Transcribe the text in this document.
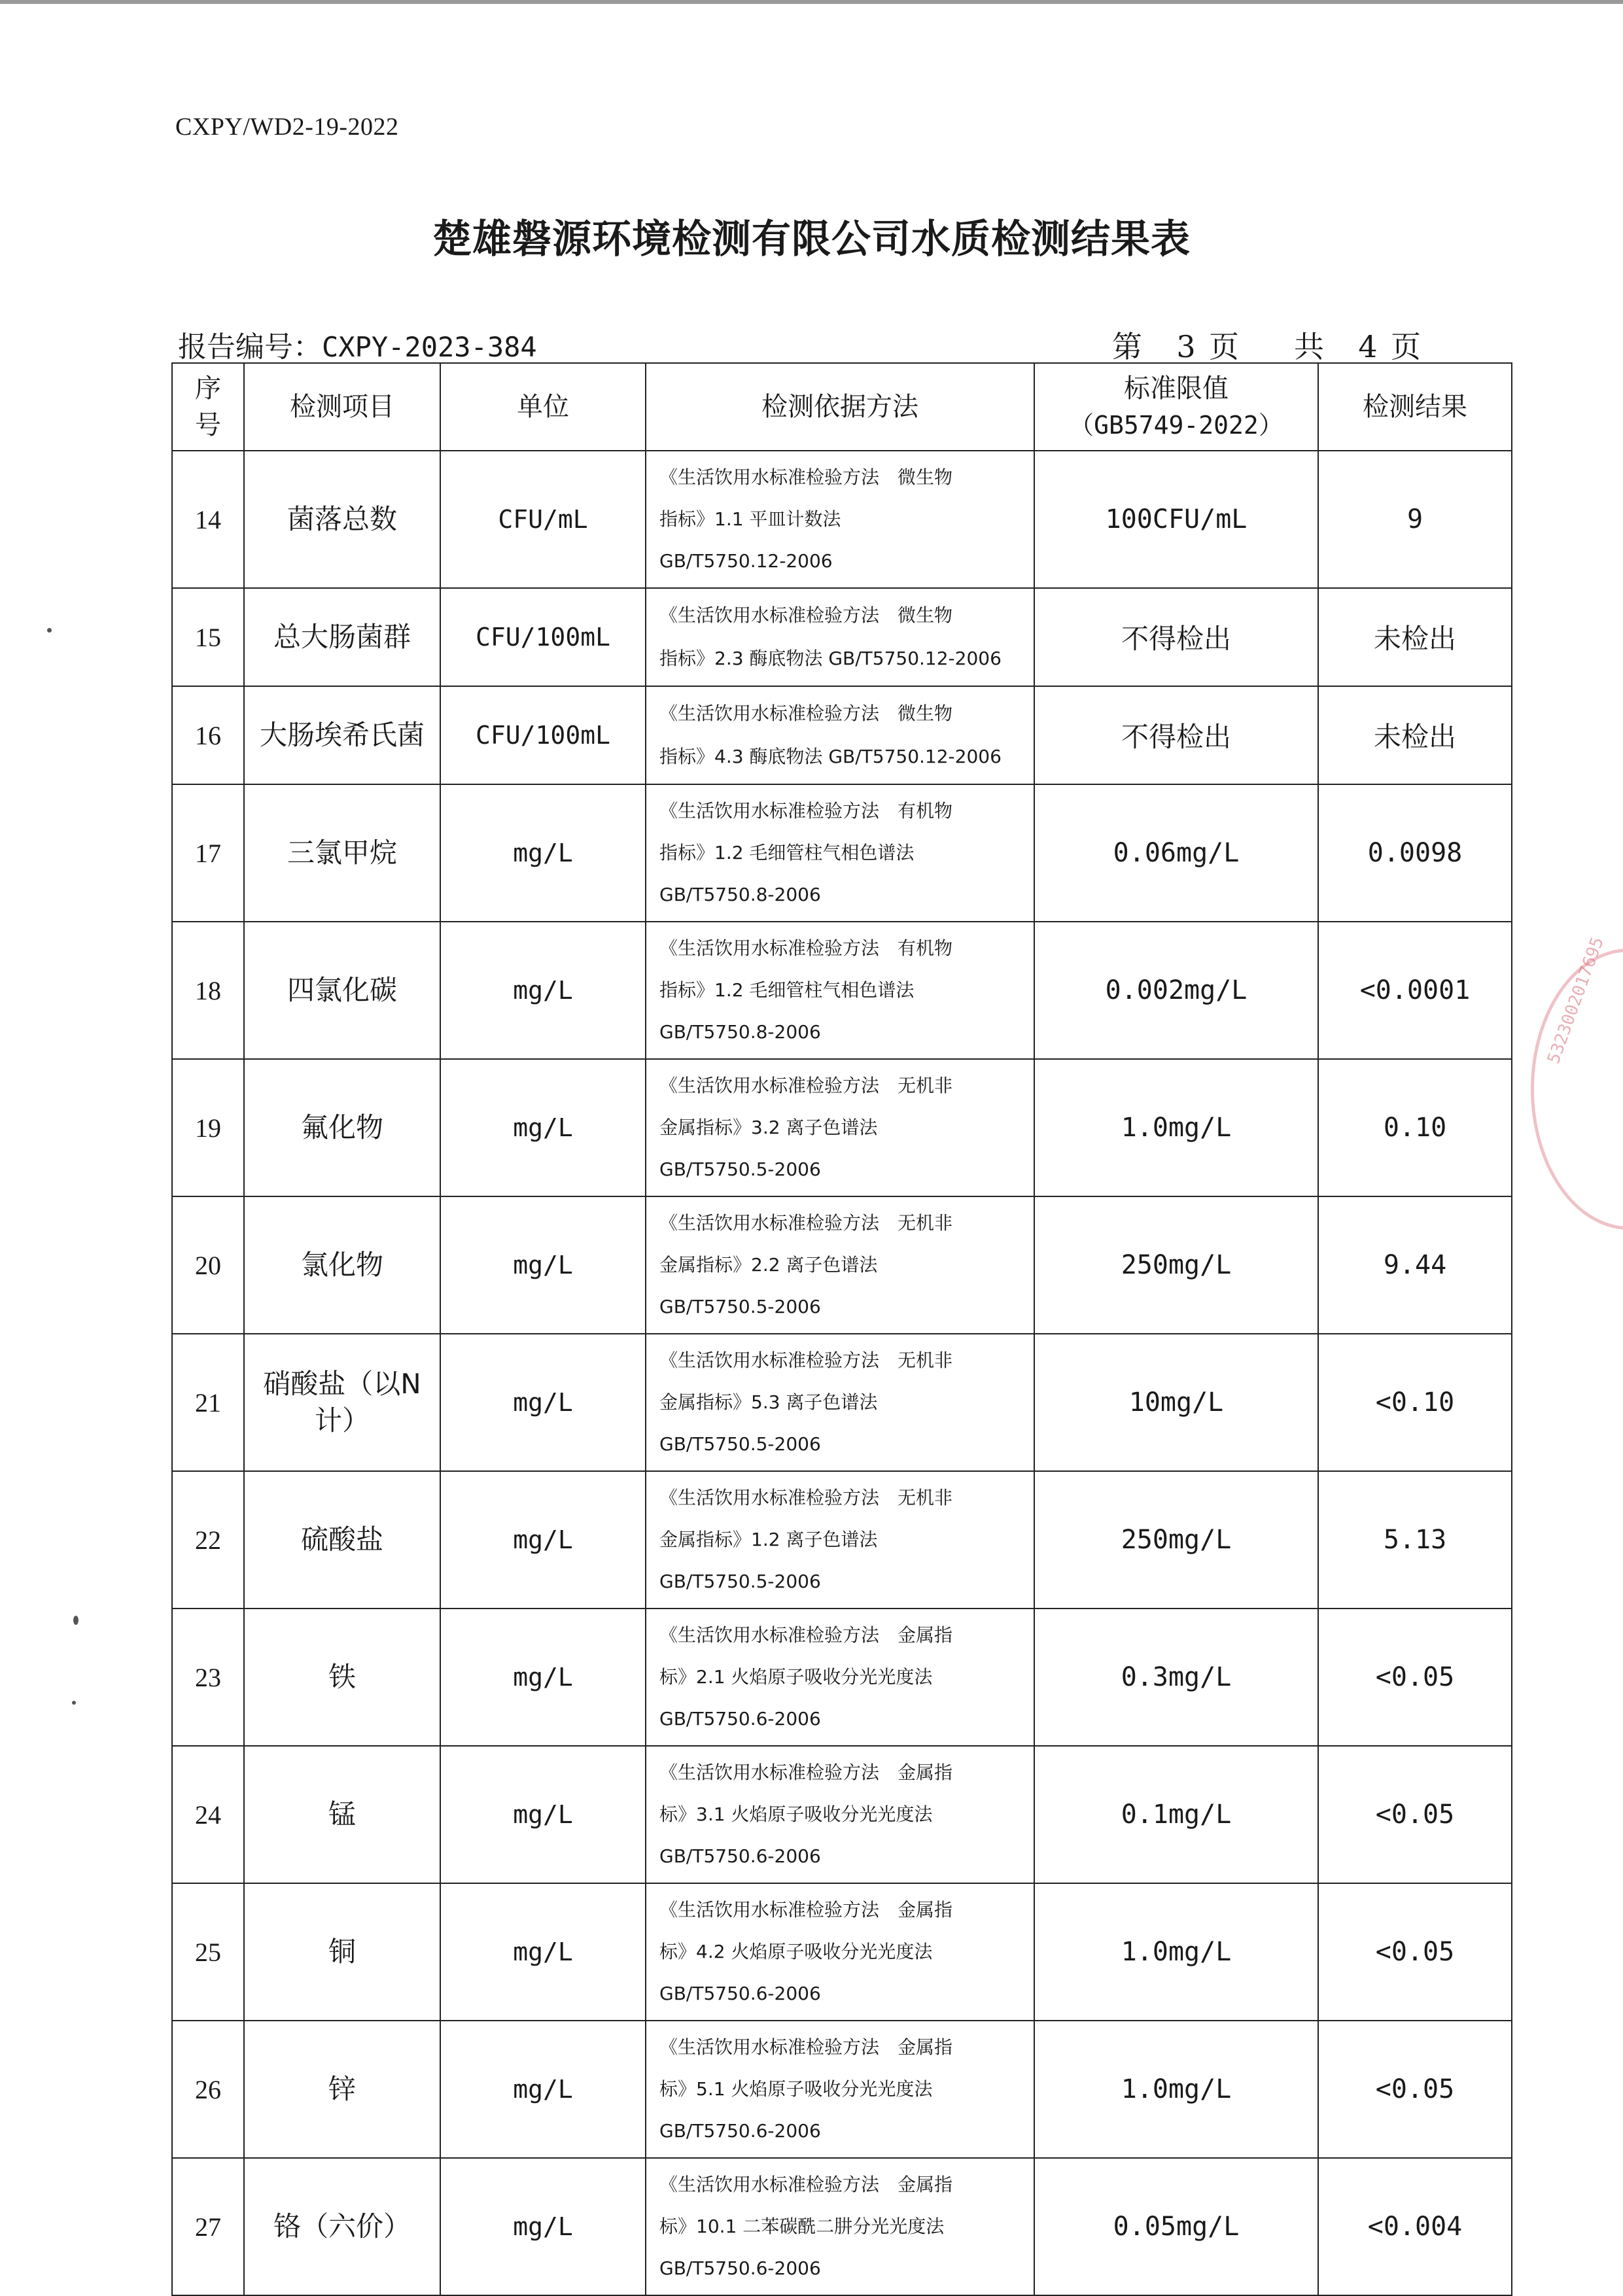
CXPY/WD2-19-2022
楚雄磐源环境检测有限公司水质检测结果表
报告编号：CXPY-2023-384	第 3 页 共 4 页
序
号	检测项目	单位	检测依据方法	标准限值
（GB5749-2022）	检测结果
14	菌落总数	CFU/mL	《生活饮用水标准检验方法　微生物
指标》1.1 平皿计数法
GB/T5750.12-2006	100CFU/mL	9
15	总大肠菌群	CFU/100mL	《生活饮用水标准检验方法　微生物
指标》2.3 酶底物法 GB/T5750.12-2006	不得检出	未检出
16	大肠埃希氏菌	CFU/100mL	《生活饮用水标准检验方法　微生物
指标》4.3 酶底物法 GB/T5750.12-2006	不得检出	未检出
17	三氯甲烷	mg/L	《生活饮用水标准检验方法　有机物
指标》1.2 毛细管柱气相色谱法
GB/T5750.8-2006	0.06mg/L	0.0098
18	四氯化碳	mg/L	《生活饮用水标准检验方法　有机物
指标》1.2 毛细管柱气相色谱法
GB/T5750.8-2006	0.002mg/L	<0.0001
19	氟化物	mg/L	《生活饮用水标准检验方法　无机非
金属指标》3.2 离子色谱法
GB/T5750.5-2006	1.0mg/L	0.10
20	氯化物	mg/L	《生活饮用水标准检验方法　无机非
金属指标》2.2 离子色谱法
GB/T5750.5-2006	250mg/L	9.44
21	硝酸盐（以N计）	mg/L	《生活饮用水标准检验方法　无机非
金属指标》5.3 离子色谱法
GB/T5750.5-2006	10mg/L	<0.10
22	硫酸盐	mg/L	《生活饮用水标准检验方法　无机非
金属指标》1.2 离子色谱法
GB/T5750.5-2006	250mg/L	5.13
23	铁	mg/L	《生活饮用水标准检验方法　金属指
标》2.1 火焰原子吸收分光光度法
GB/T5750.6-2006	0.3mg/L	<0.05
24	锰	mg/L	《生活饮用水标准检验方法　金属指
标》3.1 火焰原子吸收分光光度法
GB/T5750.6-2006	0.1mg/L	<0.05
25	铜	mg/L	《生活饮用水标准检验方法　金属指
标》4.2 火焰原子吸收分光光度法
GB/T5750.6-2006	1.0mg/L	<0.05
26	锌	mg/L	《生活饮用水标准检验方法　金属指
标》5.1 火焰原子吸收分光光度法
GB/T5750.6-2006	1.0mg/L	<0.05
27	铬（六价）	mg/L	《生活饮用水标准检验方法　金属指
标》10.1 二苯碳酰二肼分光光度法
GB/T5750.6-2006	0.05mg/L	<0.004
5323002017695
